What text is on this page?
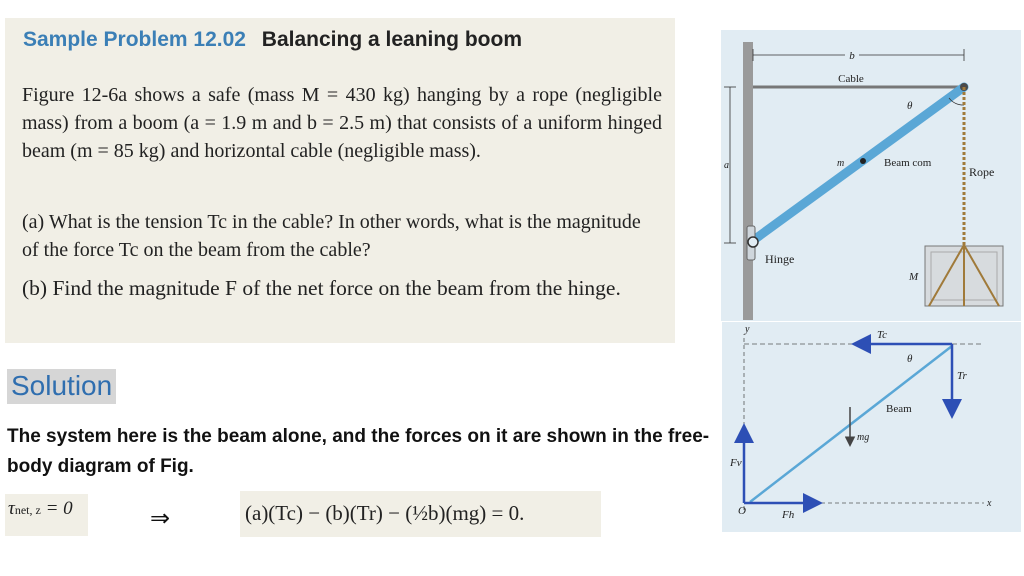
Sample Problem 12.02 Balancing a leaning boom
Figure 12-6a shows a safe (mass M = 430 kg) hanging by a rope (negligible mass) from a boom (a = 1.9 m and b = 2.5 m) that consists of a uniform hinged beam (m = 85 kg) and horizontal cable (negligible mass).
(a) What is the tension Tc in the cable? In other words, what is the magnitude of the force Tc on the beam from the cable?
(b) Find the magnitude F of the net force on the beam from the hinge.
Solution
The system here is the beam alone, and the forces on it are shown in the free-body diagram of Fig.
τnet, z = 0	⇒	(a)(Tc) − (b)(Tr) − (½b)(mg) = 0.
b
a
Cable
Hinge
m	Beam com
θ
Rope
M
y
x
O
Beam
Tc
Tr
θ
mg
Fv
Fh
